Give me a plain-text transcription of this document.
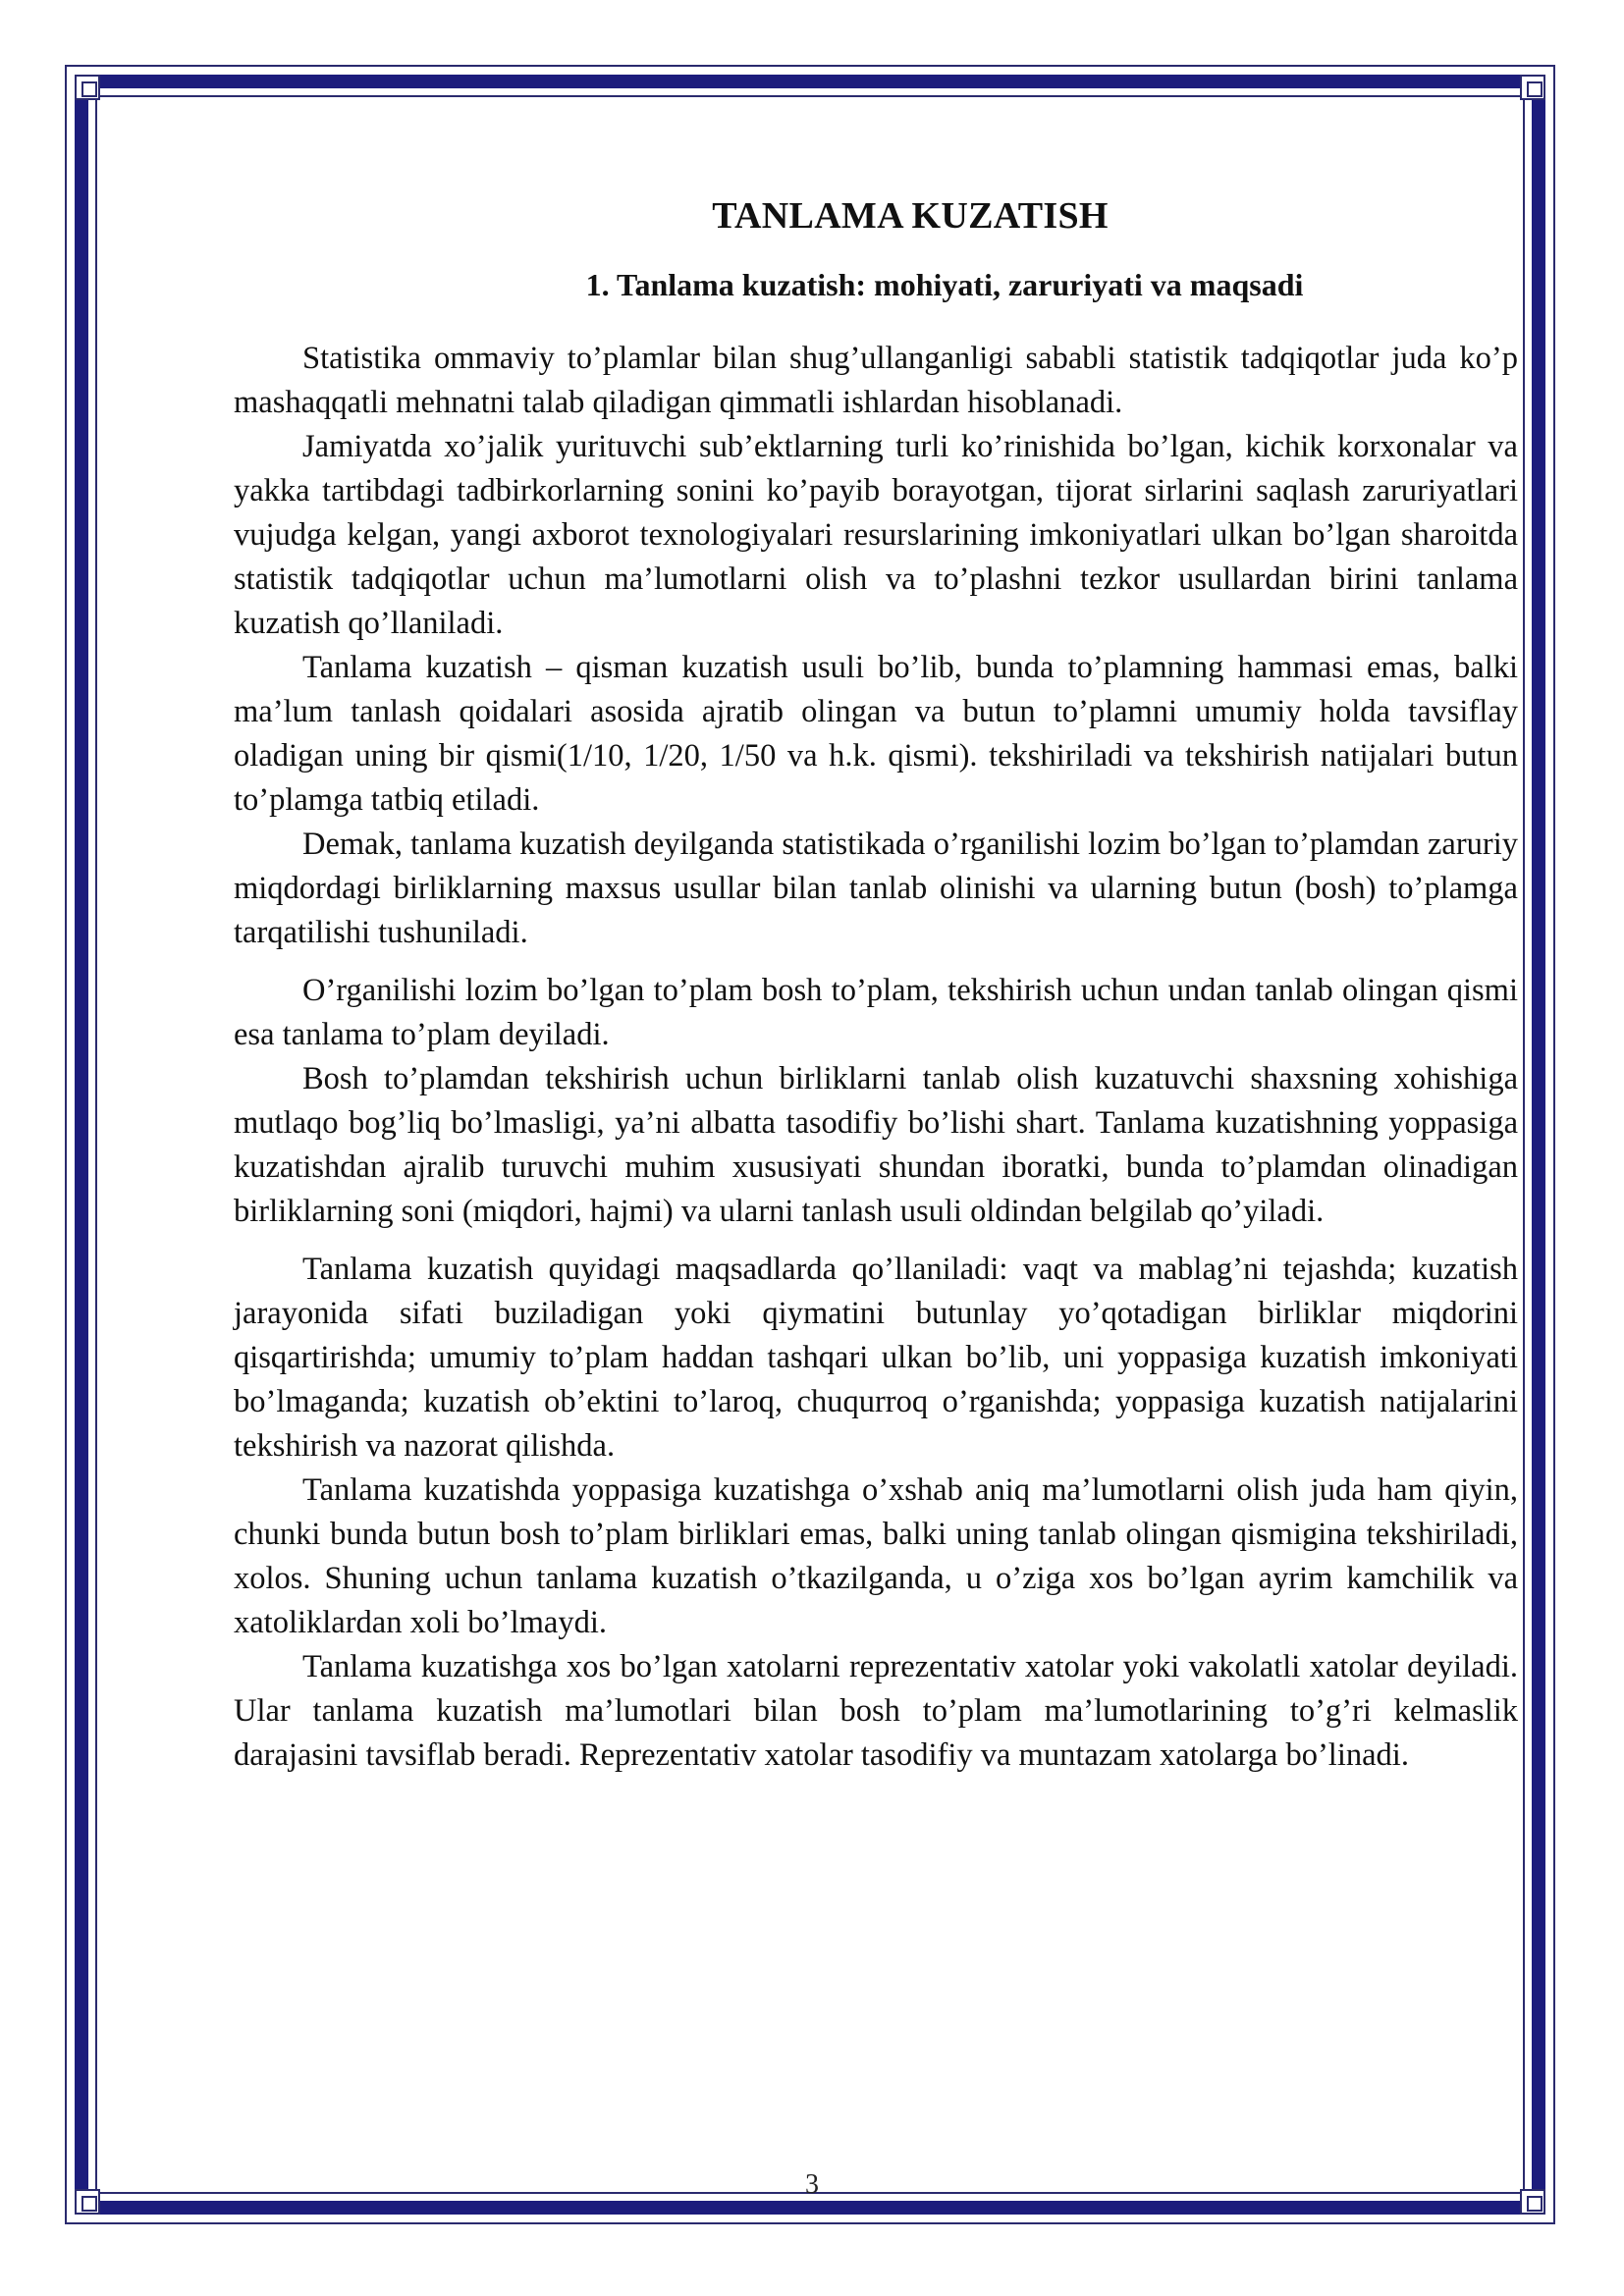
TANLAMA KUZATISH
1. Tanlama kuzatish: mohiyati, zaruriyati va maqsadi

Statistika ommaviy to’plamlar bilan shug’ullanganligi sababli statistik tadqiqotlar juda ko’p mashaqqatli mehnatni talab qiladigan qimmatli ishlardan hisoblanadi.

Jamiyatda xo’jalik yurituvchi sub’ektlarning turli ko’rinishida bo’lgan, kichik korxonalar va yakka tartibdagi tadbirkorlarning sonini ko’payib borayotgan, tijorat sirlarini saqlash zaruriyatlari vujudga kelgan, yangi axborot texnologiyalari resurslarining imkoniyatlari ulkan bo’lgan sharoitda statistik tadqiqotlar uchun ma’lumotlarni olish va to’plashni tezkor usullardan birini tanlama kuzatish qo’llaniladi.

Tanlama kuzatish – qisman kuzatish usuli bo’lib, bunda to’plamning hammasi emas, balki ma’lum tanlash qoidalari asosida ajratib olingan va butun to’plamni umumiy holda tavsiflay oladigan uning bir qismi(1/10, 1/20, 1/50 va h.k. qismi). tekshiriladi va tekshirish natijalari butun to’plamga tatbiq etiladi.

Demak, tanlama kuzatish deyilganda statistikada o’rganilishi lozim bo’lgan to’plamdan zaruriy miqdordagi birliklarning maxsus usullar bilan tanlab olinishi va ularning butun (bosh) to’plamga tarqatilishi tushuniladi.

O’rganilishi lozim bo’lgan to’plam bosh to’plam, tekshirish uchun undan tanlab olingan qismi esa tanlama to’plam deyiladi.

Bosh to’plamdan tekshirish uchun birliklarni tanlab olish kuzatuvchi shaxsning xohishiga mutlaqo bog’liq bo’lmasligi, ya’ni albatta tasodifiy bo’lishi shart. Tanlama kuzatishning yoppasiga kuzatishdan ajralib turuvchi muhim xususiyati shundan iboratki, bunda to’plamdan olinadigan birliklarning soni (miqdori, hajmi) va ularni tanlash usuli oldindan belgilab qo’yiladi.

Tanlama kuzatish quyidagi maqsadlarda qo’llaniladi: vaqt va mablag’ni tejashda; kuzatish jarayonida sifati buziladigan yoki qiymatini butunlay yo’qotadigan birliklar miqdorini qisqartirishda; umumiy to’plam haddan tashqari ulkan bo’lib, uni yoppasiga kuzatish imkoniyati bo’lmaganda; kuzatish ob’ektini to’laroq, chuqurroq o’rganishda; yoppasiga kuzatish natijalarini tekshirish va nazorat qilishda.

Tanlama kuzatishda yoppasiga kuzatishga o’xshab aniq ma’lumotlarni olish juda ham qiyin, chunki bunda butun bosh to’plam birliklari emas, balki uning tanlab olingan qismigina tekshiriladi, xolos. Shuning uchun tanlama kuzatish o’tkazilganda, u o’ziga xos bo’lgan ayrim kamchilik va xatoliklardan xoli bo’lmaydi.

Tanlama kuzatishga xos bo’lgan xatolarni reprezentativ xatolar yoki vakolatli xatolar deyiladi. Ular tanlama kuzatish ma’lumotlari bilan bosh to’plam ma’lumotlarining to’g’ri kelmaslik darajasini tavsiflab beradi. Reprezentativ xatolar tasodifiy va muntazam xatolarga bo’linadi.

3
